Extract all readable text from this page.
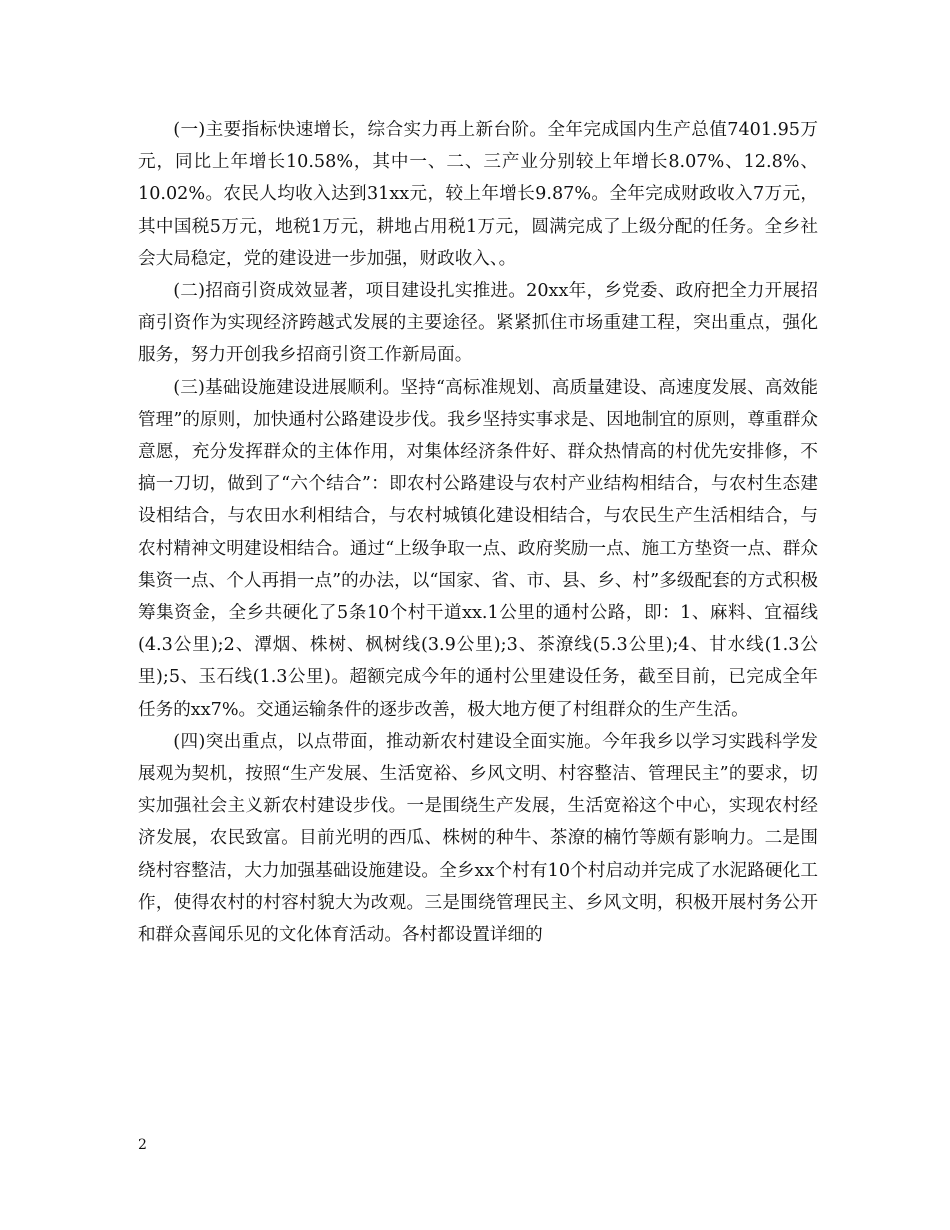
(一)主要指标快速增长，综合实力再上新台阶。全年完成国内生产总值7401.95万元，同比上年增长10.58%，其中一、二、三产业分别较上年增长8.07%、12.8%、10.02%。农民人均收入达到31xx元，较上年增长9.87%。全年完成财政收入7万元，其中国税5万元，地税1万元，耕地占用税1万元，圆满完成了上级分配的任务。全乡社会大局稳定，党的建设进一步加强，财政收入、。

(二)招商引资成效显著，项目建设扎实推进。20xx年，乡党委、政府把全力开展招商引资作为实现经济跨越式发展的主要途径。紧紧抓住市场重建工程，突出重点，强化服务，努力开创我乡招商引资工作新局面。

(三)基础设施建设进展顺利。坚持“高标准规划、高质量建设、高速度发展、高效能管理”的原则，加快通村公路建设步伐。我乡坚持实事求是、因地制宜的原则，尊重群众意愿，充分发挥群众的主体作用，对集体经济条件好、群众热情高的村优先安排修，不搞一刀切，做到了“六个结合”：即农村公路建设与农村产业结构相结合，与农村生态建设相结合，与农田水利相结合，与农村城镇化建设相结合，与农民生产生活相结合，与农村精神文明建设相结合。通过“上级争取一点、政府奖励一点、施工方垫资一点、群众集资一点、个人再捐一点”的办法，以“国家、省、市、县、乡、村”多级配套的方式积极筹集资金，全乡共硬化了5条10个村干道xx.1公里的通村公路，即：1、麻料、宜福线(4.3公里);2、潭烟、株树、枫树线(3.9公里);3、茶潦线(5.3公里);4、甘水线(1.3公里);5、玉石线(1.3公里)。超额完成今年的通村公里建设任务，截至目前，已完成全年任务的xx7%。交通运输条件的逐步改善，极大地方便了村组群众的生产生活。

(四)突出重点，以点带面，推动新农村建设全面实施。今年我乡以学习实践科学发展观为契机，按照“生产发展、生活宽裕、乡风文明、村容整洁、管理民主”的要求，切实加强社会主义新农村建设步伐。一是围绕生产发展，生活宽裕这个中心，实现农村经济发展，农民致富。目前光明的西瓜、株树的种牛、茶潦的楠竹等颇有影响力。二是围绕村容整洁，大力加强基础设施建设。全乡xx个村有10个村启动并完成了水泥路硬化工作，使得农村的村容村貌大为改观。三是围绕管理民主、乡风文明，积极开展村务公开和群众喜闻乐见的文化体育活动。各村都设置详细的

2
